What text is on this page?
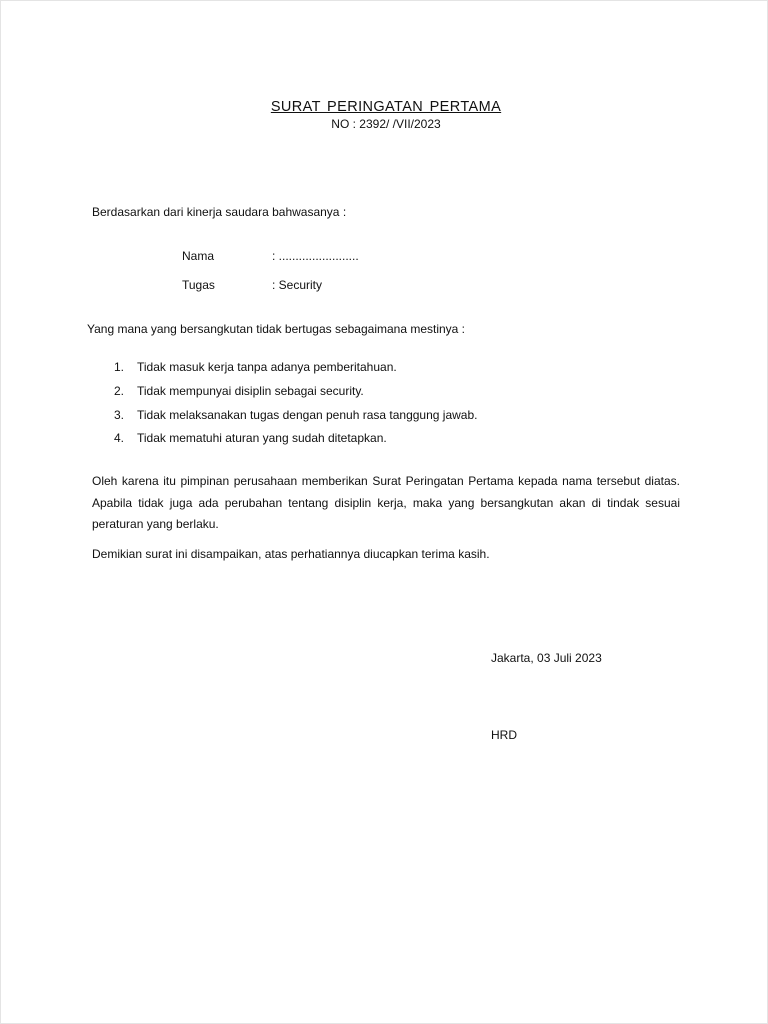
SURAT PERINGATAN PERTAMA
NO : 2392/ /VII/2023
Berdasarkan dari kinerja saudara bahwasanya :
Nama	: ........................
Tugas	: Security
Yang mana yang bersangkutan tidak bertugas sebagaimana mestinya :
1. Tidak masuk kerja tanpa adanya pemberitahuan.
2. Tidak mempunyai disiplin sebagai security.
3. Tidak melaksanakan tugas dengan penuh rasa tanggung jawab.
4. Tidak mematuhi aturan yang sudah ditetapkan.
Oleh karena itu pimpinan perusahaan memberikan Surat Peringatan Pertama kepada nama tersebut diatas. Apabila tidak juga ada perubahan tentang disiplin kerja, maka yang bersangkutan akan di tindak sesuai peraturan yang berlaku.
Demikian surat ini disampaikan, atas perhatiannya diucapkan terima kasih.
Jakarta, 03 Juli 2023
HRD
